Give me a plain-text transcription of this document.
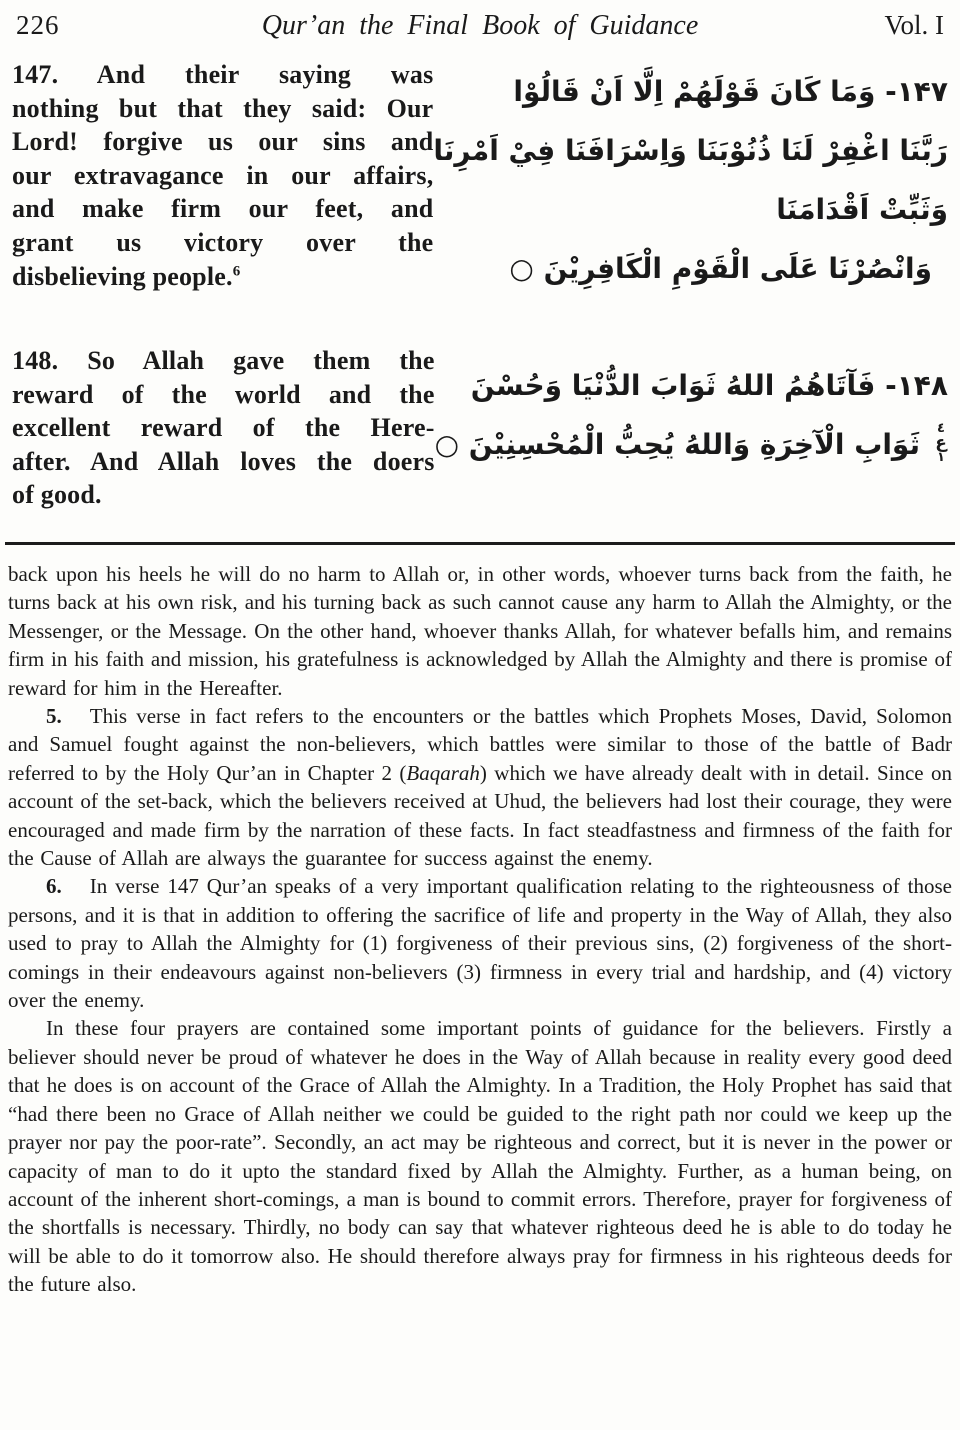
226	Qur’an the Final Book of Guidance	Vol. I
147. And their saying was
nothing but that they said: Our
Lord! forgive us our sins and
our extravagance in our affairs,
and make firm our feet, and
grant us victory over the
disbelieving people.$^6$
۱۴۷- وَمَا كَانَ قَوْلَهُمْ اِلَّا اَنْ قَالُوْا
رَبَّنَا اغْفِرْ لَنَا ذُنُوْبَنَا وَاِسْرَافَنَا فِيْ اَمْرِنَا
وَثَبِّتْ اَقْدَامَنَا
وَانْصُرْنَا عَلَى الْقَوْمِ الْكَافِرِيْنَ ○
148. So Allah gave them the
reward of the world and the
excellent reward of the Here-
after. And Allah loves the doers
of good.
٤
ع
١
۱۴۸- فَآتَاهُمُ اللهُ ثَوَابَ الدُّنْيَا وَحُسْنَ
ثَوَابِ الْآخِرَةِ وَاللهُ يُحِبُّ الْمُحْسِنِيْنَ ○

back upon his heels he will do no harm to Allah or, in other words, whoever turns back from the faith, he turns back at his own risk, and his turning back as such cannot cause any harm to Allah the Almighty, or the Messenger, or the Message. On the other hand, whoever thanks Allah, for whatever befalls him, and remains firm in his faith and mission, his gratefulness is acknowledged by Allah the Almighty and there is promise of reward for him in the Hereafter.

5. This verse in fact refers to the encounters or the battles which Prophets Moses, David, Solomon and Samuel fought against the non-believers, which battles were similar to those of the battle of Badr referred to by the Holy Qur’an in Chapter 2 (Baqarah) which we have already dealt with in detail. Since on account of the set-back, which the believers received at Uhud, the believers had lost their courage, they were encouraged and made firm by the narration of these facts. In fact steadfastness and firmness of the faith for the Cause of Allah are always the guarantee for success against the enemy.

6. In verse 147 Qur’an speaks of a very important qualification relating to the righteousness of those persons, and it is that in addition to offering the sacrifice of life and property in the Way of Allah, they also used to pray to Allah the Almighty for (1) forgiveness of their previous sins, (2) forgiveness of the short-comings in their endeavours against non-believers (3) firmness in every trial and hardship, and (4) victory over the enemy.

In these four prayers are contained some important points of guidance for the believers. Firstly a believer should never be proud of whatever he does in the Way of Allah because in reality every good deed that he does is on account of the Grace of Allah the Almighty. In a Tradition, the Holy Prophet has said that “had there been no Grace of Allah neither we could be guided to the right path nor could we keep up the prayer nor pay the poor-rate”. Secondly, an act may be righteous and correct, but it is never in the power or capacity of man to do it upto the standard fixed by Allah the Almighty. Further, as a human being, on account of the inherent short-comings, a man is bound to commit errors. Therefore, prayer for forgiveness of the shortfalls is necessary. Thirdly, no body can say that whatever righteous deed he is able to do today he will be able to do it tomorrow also. He should therefore always pray for firmness in his righteous deeds for the future also.
